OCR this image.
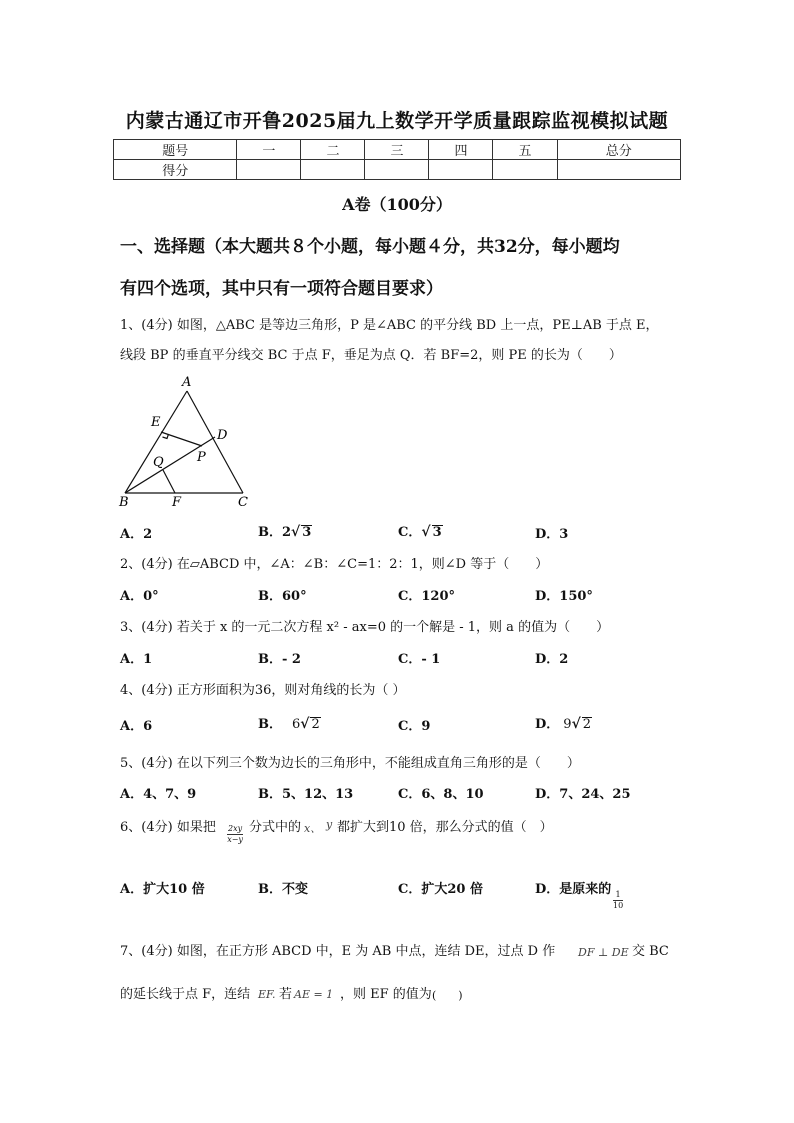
内蒙古通辽市开鲁2025届九上数学开学质量跟踪监视模拟试题
题号	一	二	三	四	五	总分
得分						
A卷（100分）
一、选择题（本大题共８个小题，每小题４分，共32分，每小题均
有四个选项，其中只有一项符合题目要求）
1、(4分) 如图，△ABC 是等边三角形，P 是∠ABC 的平分线 BD 上一点，PE⊥AB 于点 E，
线段 BP 的垂直平分线交 BC 于点 F，垂足为点 Q．若 BF=2，则 PE 的长为（　　）
A
E
D
P
Q
B	F	C
A．2	B．2√ 3	C．√ 3	D．3
2、(4分) 在▱ABCD 中，∠A：∠B：∠C=1：2：1，则∠D 等于（　　）
A．0°	B．60°	C．120°	D．150°
3、(4分) 若关于 x 的一元二次方程 x² - ax=0 的一个解是 - 1，则 a 的值为（　　）
A．1	B．- 2	C．- 1	D．2
4、(4分) 正方形面积为36，则对角线的长为（ ）
A．6	B． 6√ 2	C．9	D． 9√ 2
5、(4分) 在以下列三个数为边长的三角形中，不能组成直角三角形的是（　　）
A．4、7、9	B．5、12、13	C．6、8、10	D．7、24、25
6、(4分) 如果把 $\frac{2xy}{x-y}$ 分式中的 x、 y 都扩大到10 倍，那么分式的值（　）
A．扩大10 倍	B．不变	C．扩大20 倍	D．是原来的
$\frac{1}{10}$
7、(4分) 如图，在正方形 ABCD 中，E 为 AB 中点，连结 DE，过点 D 作 DF ⊥ DE 交 BC
的延长线于点 F，连结 EF. 若 AE = 1 ，则 EF 的值为 (　　)
